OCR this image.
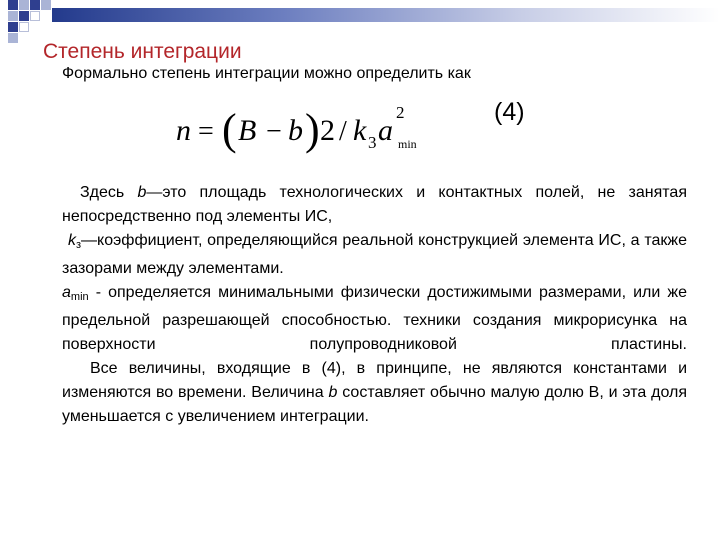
Степень интеграции
Формально степень интеграции можно определить как
n = ( B − b ) 2 / k 3 a
2
min
(4)

Здесь b—это площадь технологических и контактных полей, не занятая непосредственно под элементы ИС,

$k_з—коэффициент$, определяющийся реальной конструкцией элемента ИС, а также зазорами между элементами.

$a_{min}$ - определяется минимальными физически достижимыми размерами, или же предельной разрешающей способностью. техники создания микрорисунка на поверхности полупроводниковой пластины.

Все величины, входящие в (4), в принципе, не являются константами и изменяются во времени. Величина b составляет обычно малую долю В, и эта доля уменьшается с увеличением интеграции.
